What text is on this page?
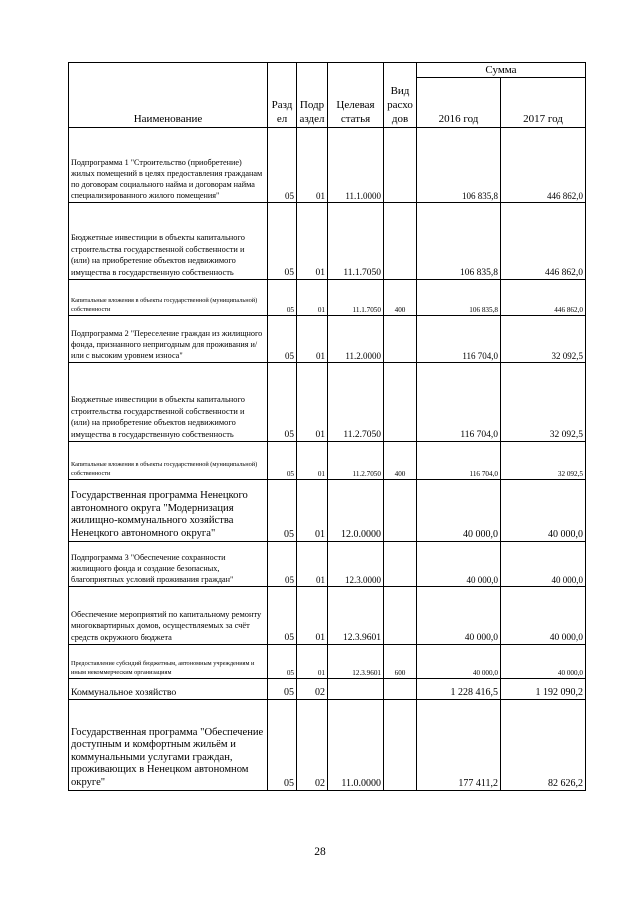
Наименование	Разд ел	Подр аздел	Целевая статья	Вид расхо дов	Сумма	
					2016 год	2017 год
Подпрограмма 1 "Строительство (приобретение) жилых помещений в целях предоставления гражданам по договорам социального найма и договорам найма специализированного жилого помещения"	05	01	11.1.0000		106 835,8	446 862,0
Бюджетные инвестиции в объекты капитального строительства государственной собственности и (или) на приобретение объектов недвижимого имущества в государственную собственность	05	01	11.1.7050		106 835,8	446 862,0
Капитальные вложения в объекты государственной (муниципальной) собственности	05	01	11.1.7050	400	106 835,8	446 862,0
Подпрограмма 2 "Переселение граждан из жилищного фонда, признанного непригодным для проживания и/или с высоким уровнем износа"	05	01	11.2.0000		116 704,0	32 092,5
Бюджетные инвестиции в объекты капитального строительства государственной собственности и (или) на приобретение объектов недвижимого имущества в государственную собственность	05	01	11.2.7050		116 704,0	32 092,5
Капитальные вложения в объекты государственной (муниципальной) собственности	05	01	11.2.7050	400	116 704,0	32 092,5
Государственная программа Ненецкого автономного округа "Модернизация жилищно-коммунального хозяйства Ненецкого автономного округа"	05	01	12.0.0000		40 000,0	40 000,0
Подпрограмма 3 "Обеспечение сохранности жилищного фонда и создание безопасных, благоприятных условий проживания граждан"	05	01	12.3.0000		40 000,0	40 000,0
Обеспечение мероприятий по капитальному ремонту многоквартирных домов, осуществляемых за счёт средств окружного бюджета	05	01	12.3.9601		40 000,0	40 000,0
Предоставление субсидий бюджетным, автономным учреждениям и иным некоммерческим организациям	05	01	12.3.9601	600	40 000,0	40 000,0
Коммунальное хозяйство	05	02			1 228 416,5	1 192 090,2
Государственная программа "Обеспечение доступным и комфортным жильём и коммунальными услугами граждан, проживающих в Ненецком автономном округе"	05	02	11.0.0000		177 411,2	82 626,2
28
